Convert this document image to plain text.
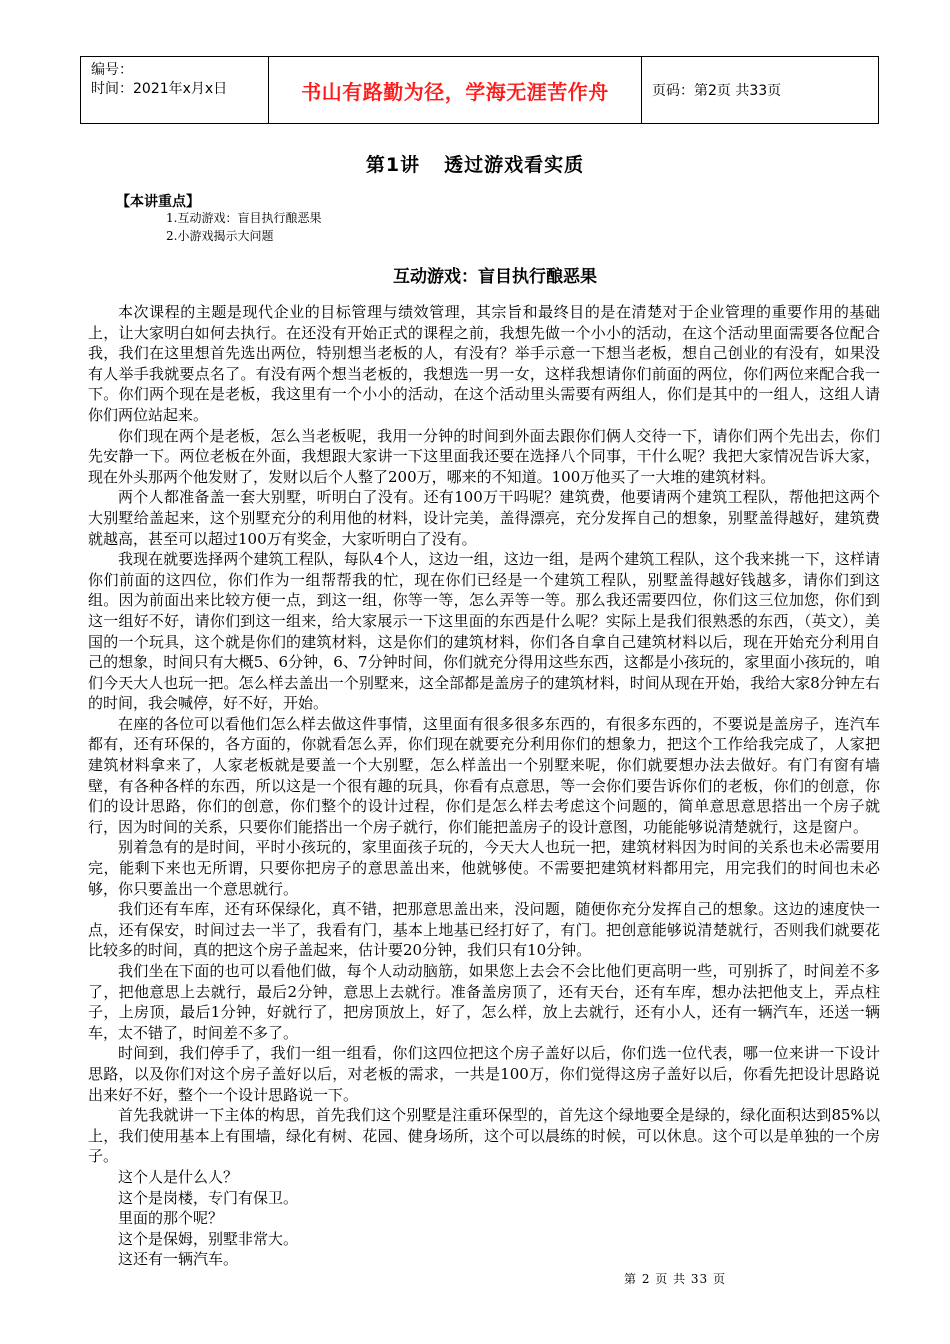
编号：
时间：2021年x月x日	书山有路勤为径，学海无涯苦作舟	页码：第2页 共33页
第1讲 透过游戏看实质
【本讲重点】
1.互动游戏：盲目执行酿恶果
2.小游戏揭示大问题
互动游戏：盲目执行酿恶果

本次课程的主题是现代企业的目标管理与绩效管理，其宗旨和最终目的是在清楚对于企业管理的重要作用的基础上，让大家明白如何去执行。在还没有开始正式的课程之前，我想先做一个小小的活动，在这个活动里面需要各位配合我，我们在这里想首先选出两位，特别想当老板的人，有没有？举手示意一下想当老板，想自己创业的有没有，如果没有人举手我就要点名了。有没有两个想当老板的，我想选一男一女，这样我想请你们前面的两位，你们两位来配合我一下。你们两个现在是老板，我这里有一个小小的活动，在这个活动里头需要有两组人，你们是其中的一组人，这组人请你们两位站起来。

你们现在两个是老板，怎么当老板呢，我用一分钟的时间到外面去跟你们俩人交待一下，请你们两个先出去，你们先安静一下。两位老板在外面，我想跟大家讲一下这里面我还要在选择八个同事，干什么呢？我把大家情况告诉大家，现在外头那两个他发财了，发财以后个人整了200万，哪来的不知道。100万他买了一大堆的建筑材料。

两个人都准备盖一套大别墅，听明白了没有。还有100万干吗呢？建筑费，他要请两个建筑工程队，帮他把这两个大别墅给盖起来，这个别墅充分的利用他的材料，设计完美，盖得漂亮，充分发挥自己的想象，别墅盖得越好，建筑费就越高，甚至可以超过100万有奖金，大家听明白了没有。

我现在就要选择两个建筑工程队，每队4个人，这边一组，这边一组，是两个建筑工程队，这个我来挑一下，这样请你们前面的这四位，你们作为一组帮帮我的忙，现在你们已经是一个建筑工程队，别墅盖得越好钱越多，请你们到这组。因为前面出来比较方便一点，到这一组，你等一等，怎么弄等一等。那么我还需要四位，你们这三位加您，你们到这一组好不好，请你们到这一组来，给大家展示一下这里面的东西是什么呢？实际上是我们很熟悉的东西，（英文），美国的一个玩具，这个就是你们的建筑材料，这是你们的建筑材料，你们各自拿自己建筑材料以后，现在开始充分利用自己的想象，时间只有大概5、6分钟，6、7分钟时间，你们就充分得用这些东西，这都是小孩玩的，家里面小孩玩的，咱们今天大人也玩一把。怎么样去盖出一个别墅来，这全部都是盖房子的建筑材料，时间从现在开始，我给大家8分钟左右的时间，我会喊停，好不好，开始。

在座的各位可以看他们怎么样去做这件事情，这里面有很多很多东西的，有很多东西的，不要说是盖房子，连汽车都有，还有环保的，各方面的，你就看怎么弄，你们现在就要充分利用你们的想象力，把这个工作给我完成了，人家把建筑材料拿来了，人家老板就是要盖一个大别墅，怎么样盖出一个别墅来呢，你们就要想办法去做好。有门有窗有墙壁，有各种各样的东西，所以这是一个很有趣的玩具，你看有点意思，等一会你们要告诉你们的老板，你们的创意，你们的设计思路，你们的创意，你们整个的设计过程，你们是怎么样去考虑这个问题的，简单意思意思搭出一个房子就行，因为时间的关系，只要你们能搭出一个房子就行，你们能把盖房子的设计意图，功能能够说清楚就行，这是窗户。

别着急有的是时间，平时小孩玩的，家里面孩子玩的，今天大人也玩一把，建筑材料因为时间的关系也未必需要用完，能剩下来也无所谓，只要你把房子的意思盖出来，他就够使。不需要把建筑材料都用完，用完我们的时间也未必够，你只要盖出一个意思就行。

我们还有车库，还有环保绿化，真不错，把那意思盖出来，没问题，随便你充分发挥自己的想象。这边的速度快一点，还有保安，时间过去一半了，我看有门，基本上地基已经打好了，有门。把创意能够说清楚就行，否则我们就要花比较多的时间，真的把这个房子盖起来，估计要20分钟，我们只有10分钟。

我们坐在下面的也可以看他们做，每个人动动脑筋，如果您上去会不会比他们更高明一些，可别拆了，时间差不多了，把他意思上去就行，最后2分钟，意思上去就行。准备盖房顶了，还有天台，还有车库，想办法把他支上，弄点柱子，上房顶，最后1分钟，好就行了，把房顶放上，好了，怎么样，放上去就行，还有小人，还有一辆汽车，还送一辆车，太不错了，时间差不多了。

时间到，我们停手了，我们一组一组看，你们这四位把这个房子盖好以后，你们选一位代表，哪一位来讲一下设计思路，以及你们对这个房子盖好以后，对老板的需求，一共是100万，你们觉得这房子盖好以后，你看先把设计思路说出来好不好，整个一个设计思路说一下。

首先我就讲一下主体的构思，首先我们这个别墅是注重环保型的，首先这个绿地要全是绿的，绿化面积达到85%以上，我们使用基本上有围墙，绿化有树、花园、健身场所，这个可以晨练的时候，可以休息。这个可以是单独的一个房子。

这个人是什么人？

这个是岗楼，专门有保卫。

里面的那个呢？

这个是保姆，别墅非常大。

这还有一辆汽车。

第 2 页 共 33 页
